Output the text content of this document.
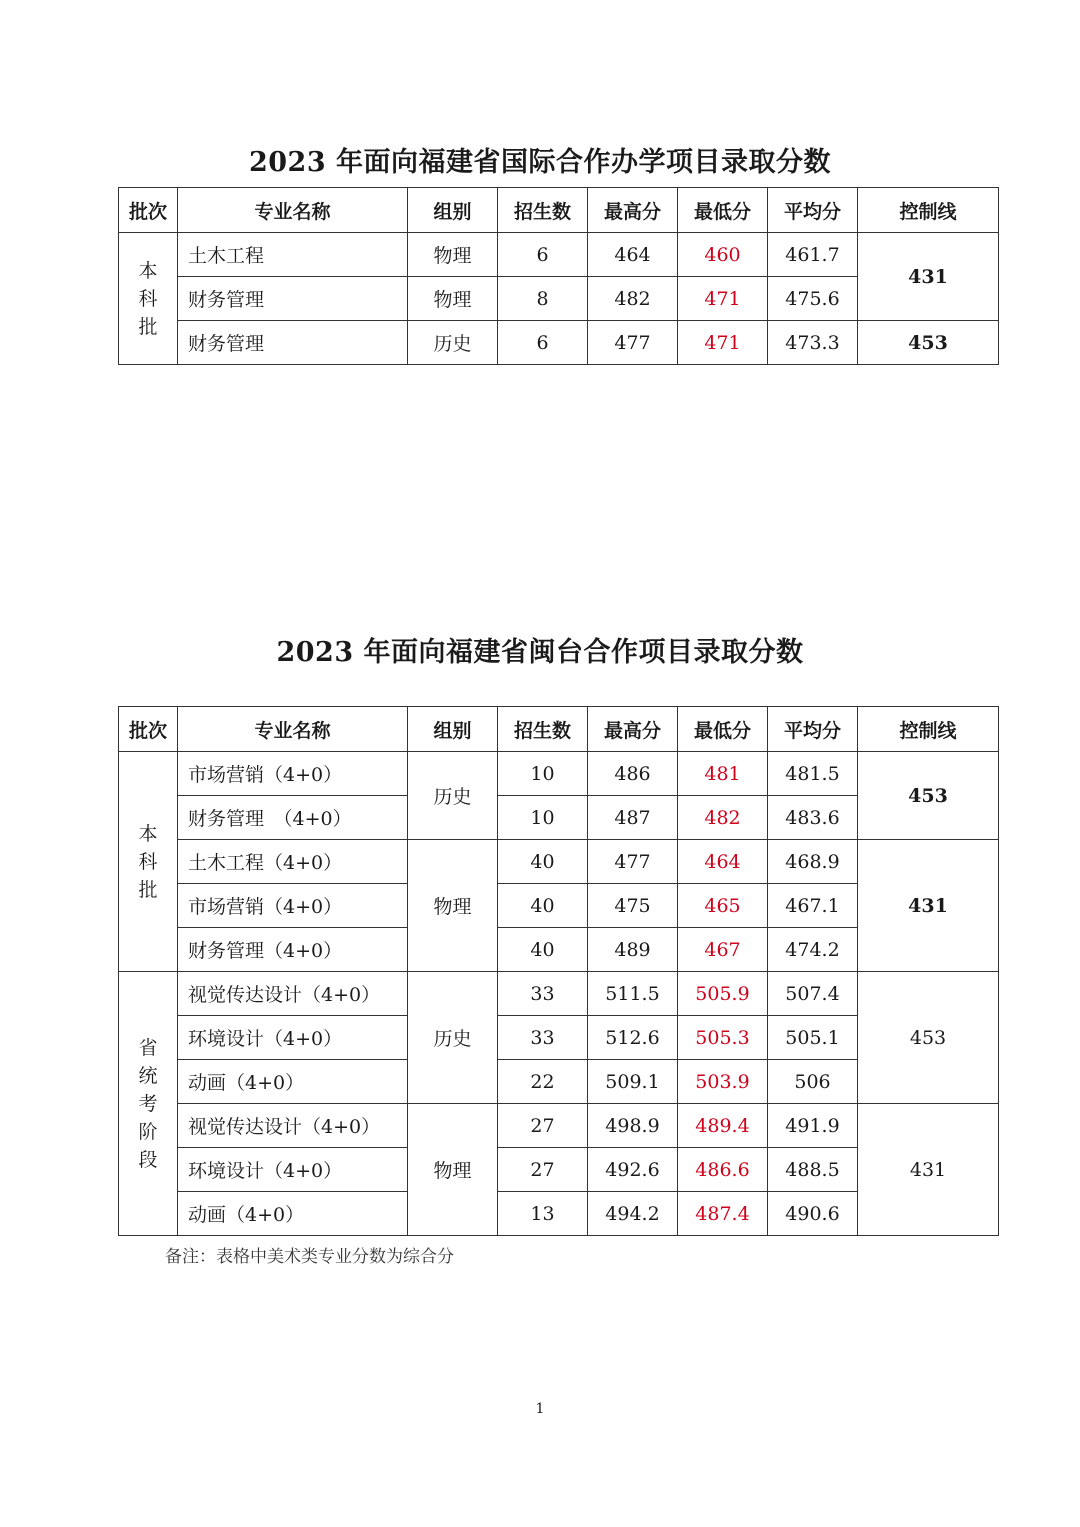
2023 年面向福建省国际合作办学项目录取分数
批次	专业名称	组别	招生数	最高分	最低分	平均分	控制线
本
科
批	土木工程	物理	6	464	460	461.7	431
	财务管理	物理	8	482	471	475.6	
	财务管理	历史	6	477	471	473.3	453
2023 年面向福建省闽台合作项目录取分数
批次	专业名称	组别	招生数	最高分	最低分	平均分	控制线
本
科
批	市场营销（4+0）	历史	10	486	481	481.5	453
	财务管理　（4+0）		10	487	482	483.6	
	土木工程（4+0）	物理	40	477	464	468.9	431
	市场营销（4+0）		40	475	465	467.1	
	财务管理（4+0）		40	489	467	474.2	
省
统
考
阶
段	视觉传达设计（4+0）	历史	33	511.5	505.9	507.4	453
	环境设计（4+0）		33	512.6	505.3	505.1	
	动画（4+0）		22	509.1	503.9	506	
	视觉传达设计（4+0）	物理	27	498.9	489.4	491.9	431
	环境设计（4+0）		27	492.6	486.6	488.5	
	动画（4+0）		13	494.2	487.4	490.6	
备注：表格中美术类专业分数为综合分
1
